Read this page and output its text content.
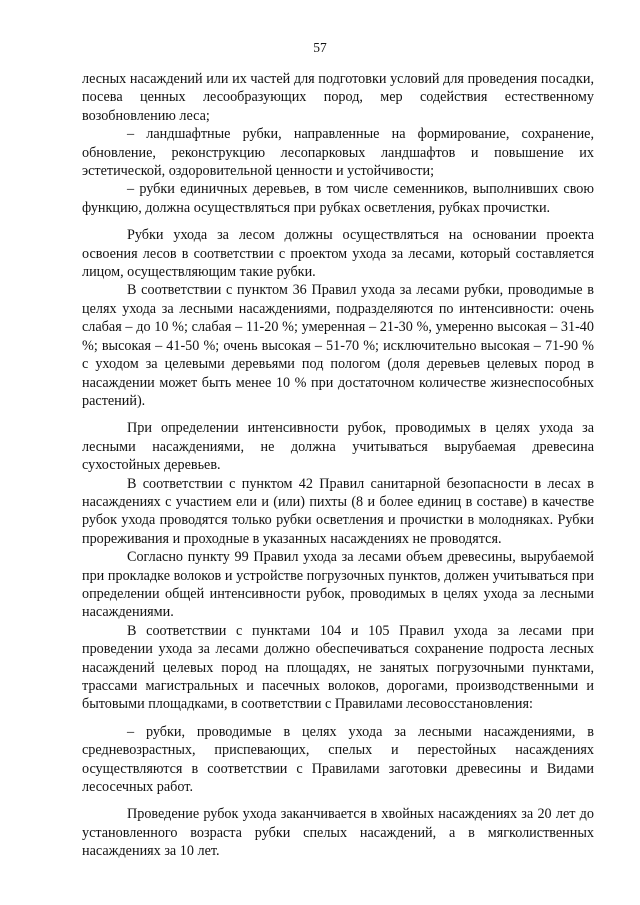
57

лесных насаждений или их частей для подготовки условий для проведения посадки, посева ценных лесообразующих пород, мер содействия естественному возобновлению леса;

– ландшафтные рубки, направленные на формирование, сохранение, обновление, реконструкцию лесопарковых ландшафтов и повышение их эстетической, оздоровительной ценности и устойчивости;

– рубки единичных деревьев, в том числе семенников, выполнивших свою функцию, должна осуществляться при рубках осветления, рубках прочистки.

Рубки ухода за лесом должны осуществляться на основании проекта освоения лесов в соответствии с проектом ухода за лесами, который составляется лицом, осуществляющим такие рубки.

В соответствии с пунктом 36 Правил ухода за лесами рубки, проводимые в целях ухода за лесными насаждениями, подразделяются по интенсивности: очень слабая – до 10 %; слабая – 11-20 %; умеренная – 21-30 %, умеренно высокая – 31-40 %; высокая – 41-50 %; очень высокая – 51-70 %; исключительно высокая – 71-90 % с уходом за целевыми деревьями под пологом (доля деревьев целевых пород в насаждении может быть менее 10 % при достаточном количестве жизнеспособных растений).

При определении интенсивности рубок, проводимых в целях ухода за лесными насаждениями, не должна учитываться вырубаемая древесина сухостойных деревьев.

В соответствии с пунктом 42 Правил санитарной безопасности в лесах в насаждениях с участием ели и (или) пихты (8 и более единиц в составе) в качестве рубок ухода проводятся только рубки осветления и прочистки в молодняках. Рубки прореживания и проходные в указанных насаждениях не проводятся.

Согласно пункту 99 Правил ухода за лесами объем древесины, вырубаемой при прокладке волоков и устройстве погрузочных пунктов, должен учитываться при определении общей интенсивности рубок, проводимых в целях ухода за лесными насаждениями.

В соответствии с пунктами 104 и 105 Правил ухода за лесами при проведении ухода за лесами должно обеспечиваться сохранение подроста лесных насаждений целевых пород на площадях, не занятых погрузочными пунктами, трассами магистральных и пасечных волоков, дорогами, производственными и бытовыми площадками, в соответствии с Правилами лесовосстановления:

– рубки, проводимые в целях ухода за лесными насаждениями, в средневозрастных, приспевающих, спелых и перестойных насаждениях осуществляются в соответствии с Правилами заготовки древесины и Видами лесосечных работ.

Проведение рубок ухода заканчивается в хвойных насаждениях за 20 лет до установленного возраста рубки спелых насаждений, а в мягколиственных насаждениях за 10 лет.
